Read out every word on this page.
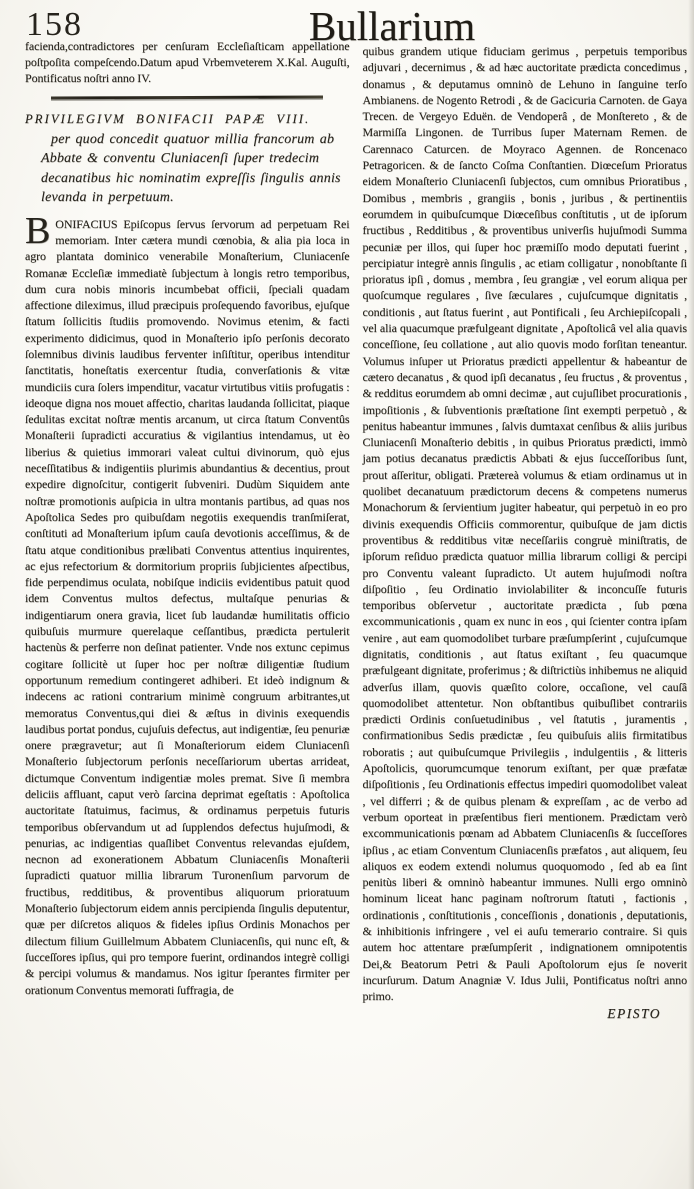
158	Bullarium

facienda,contradictores per cenſuram Eccleſiaſticam appellatione poſtpoſita compeſcendo.Datum apud Vrbemveterem X.Kal. Auguſti, Pontificatus noſtri anno IV.

PRIVILEGIVM BONIFACII PAPÆ VIII.
per quod concedit quatuor millia francorum ab Abbate & conventu Cluniacenſi ſuper tredecim decanatibus hic nominatim expreſſis ſingulis annis levanda in perpetuum.

BONIFACIUS Epiſcopus ſervus ſervorum ad perpetuam Rei memoriam. Inter cætera mundi cœnobia, & alia pia loca in agro plantata dominico venerabile Monaſterium, Cluniacenſe Romanæ Eccleſiæ immediatè ſubjectum à longis retro temporibus, dum cura nobis minoris incumbebat officii, ſpeciali quadam affectione dileximus, illud præcipuis proſequendo favoribus, ejuſque ſtatum ſollicitis ſtudiis promovendo. Novimus etenim, & facti experimento didicimus, quod in Monaſterio ipſo perſonis decorato ſolemnibus divinis laudibus ferventer inſiſtitur, operibus intenditur ſanctitatis, honeſtatis exercentur ſtudia, converſationis & vitæ mundiciis cura ſolers impenditur, vacatur virtutibus vitiis profugatis : ideoque digna nos mouet affectio, charitas laudanda ſollicitat, piaque ſedulitas excitat noſtræ mentis arcanum, ut circa ſtatum Conventûs Monaſterii ſupradicti accuratius & vigilantius intendamus, ut èo liberius & quietius immorari valeat cultui divinorum, quò ejus neceſſitatibus & indigentiis plurimis abundantius & decentius, prout expedire dignoſcitur, contigerit ſubveniri. Dudùm Siquidem ante noſtræ promotionis auſpicia in ultra montanis partibus, ad quas nos Apoſtolica Sedes pro quibuſdam negotiis exequendis tranſmiſerat, conſtituti ad Monaſterium ipſum cauſa devotionis acceſſimus, & de ſtatu atque conditionibus prælibati Conventus attentius inquirentes, ac ejus refectorium & dormitorium propriis ſubjicientes aſpectibus, fide perpendimus oculata, nobiſque indiciis evidentibus patuit quod idem Conventus multos defectus, multaſque penurias & indigentiarum onera gravia, licet ſub laudandæ humilitatis officio quibuſuis murmure querelaque ceſſantibus, prædicta pertulerit hactenùs & perferre non deſinat patienter. Vnde nos extunc cepimus cogitare ſollicitè ut ſuper hoc per noſtræ diligentiæ ſtudium opportunum remedium contingeret adhiberi. Et ideò indignum & indecens ac rationi contrarium minimè congruum arbitrantes,ut memoratus Conventus,qui diei & æſtus in divinis exequendis laudibus portat pondus, cujuſuis defectus, aut indigentiæ, ſeu penuriæ onere prægravetur; aut ſi Monaſteriorum eidem Cluniacenſi Monaſterio ſubjectorum perſonis neceſſariorum ubertas arrideat, dictumque Conventum indigentiæ moles premat. Sive ſi membra deliciis affluant, caput verò ſarcina deprimat egeſtatis : Apoſtolica auctoritate ſtatuimus, facimus, & ordinamus perpetuis futuris temporibus obſervandum ut ad ſupplendos defectus hujuſmodi, & penurias, ac indigentias quaſlibet Conventus relevandas ejuſdem, necnon ad exonerationem Abbatum Cluniacenſis Monaſterii ſupradicti quatuor millia librarum Turonenſium parvorum de fructibus, redditibus, & proventibus aliquorum prioratuum Monaſterio ſubjectorum eidem annis percipienda ſingulis deputentur, quæ per diſcretos aliquos & fideles ipſius Ordinis Monachos per dilectum filium Guillelmum Abbatem Cluniacenſis, qui nunc eſt, & ſucceſſores ipſius, qui pro tempore fuerint, ordinandos integrè colligi & percipi volumus & mandamus. Nos igitur ſperantes firmiter per orationum Conventus memorati ſuffragia, de

quibus grandem utique fiduciam gerimus , perpetuis temporibus adjuvari , decernimus , & ad hæc auctoritate prædicta concedimus , donamus , & deputamus omninò de Lehuno in ſanguine terſo Ambianens. de Nogento Retrodi , & de Gacicuria Carnoten. de Gaya Trecen. de Vergeyo Eduën. de Vendoperâ , de Monſtereto , & de Marmiſſa Lingonen. de Turribus ſuper Maternam Remen. de Carennaco Caturcen. de Moyraco Agennen. de Roncenaco Petragoricen. & de ſancto Coſma Conſtantien. Diœceſum Prioratus eidem Monaſterio Cluniacenſi ſubjectos, cum omnibus Prioratibus , Domibus , membris , grangiis , bonis , juribus , & pertinentiis eorumdem in quibuſcumque Diœceſibus conſtitutis , ut de ipſorum fructibus , Redditibus , & proventibus univerſis hujuſmodi Summa pecuniæ per illos, qui ſuper hoc præmiſſo modo deputati fuerint , percipiatur integrè annis ſingulis , ac etiam colligatur , nonobſtante ſi prioratus ipſi , domus , membra , ſeu grangiæ , vel eorum aliqua per quoſcumque regulares , ſive ſæculares , cujuſcumque dignitatis , conditionis , aut ſtatus fuerint , aut Pontificali , ſeu Archiepiſcopali , vel alia quacumque præfulgeant dignitate , Apoſtolicâ vel alia quavis conceſſione, ſeu collatione , aut alio quovis modo forſitan teneantur. Volumus inſuper ut Prioratus prædicti appellentur & habeantur de cætero decanatus , & quod ipſi decanatus , ſeu fructus , & proventus , & redditus eorumdem ab omni decimæ , aut cujuſlibet procurationis , impoſitionis , & ſubventionis præſtatione ſint exempti perpetuò , & penitus habeantur immunes , ſalvis dumtaxat cenſibus & aliis juribus Cluniacenſi Monaſterio debitis , in quibus Prioratus prædicti, immò jam potius decanatus prædictis Abbati & ejus ſucceſſoribus ſunt, prout aſſeritur, obligati. Prætereà volumus & etiam ordinamus ut in quolibet decanatuum prædictorum decens & competens numerus Monachorum & ſervientium jugiter habeatur, qui perpetuò in eo pro divinis exequendis Officiis commorentur, quibuſque de jam dictis proventibus & redditibus vitæ neceſſariis congruè miniſtratis, de ipſorum reſiduo prædicta quatuor millia librarum colligi & percipi pro Conventu valeant ſupradicto. Ut autem hujuſmodi noſtra diſpoſitio , ſeu Ordinatio inviolabiliter & inconcuſſe futuris temporibus obſervetur , auctoritate prædicta , ſub pœna excommunicationis , quam ex nunc in eos , qui ſcienter contra ipſam venire , aut eam quomodolibet turbare præſumpſerint , cujuſcumque dignitatis, conditionis , aut ſtatus exiſtant , ſeu quacumque præfulgeant dignitate, proferimus ; & diſtrictiùs inhibemus ne aliquid adverſus illam, quovis quæſito colore, occaſione, vel cauſâ quomodolibet attentetur. Non obſtantibus quibuſlibet contrariis prædicti Ordinis conſuetudinibus , vel ſtatutis , juramentis , confirmationibus Sedis prædictæ , ſeu quibuſuis aliis firmitatibus roboratis ; aut quibuſcumque Privilegiis , indulgentiis , & litteris Apoſtolicis, quorumcumque tenorum exiſtant, per quæ præfatæ diſpoſitionis , ſeu Ordinationis effectus impediri quomodolibet valeat , vel differri ; & de quibus plenam & expreſſam , ac de verbo ad verbum oporteat in præſentibus fieri mentionem. Prædictam verò excommunicationis pœnam ad Abbatem Cluniacenſis & ſucceſſores ipſius , ac etiam Conventum Cluniacenſis præfatos , aut aliquem, ſeu aliquos ex eodem extendi nolumus quoquomodo , ſed ab ea ſint penitùs liberi & omninò habeantur immunes. Nulli ergo omninò hominum liceat hanc paginam noſtrorum ſtatuti , factionis , ordinationis , conſtitutionis , conceſſionis , donationis , deputationis, & inhibitionis infringere , vel ei auſu temerario contraire. Si quis autem hoc attentare præſumpſerit , indignationem omnipotentis Dei,& Beatorum Petri & Pauli Apoſtolorum ejus ſe noverit incurſurum. Datum Anagniæ V. Idus Julii, Pontificatus noſtri anno primo.

EPISTO
